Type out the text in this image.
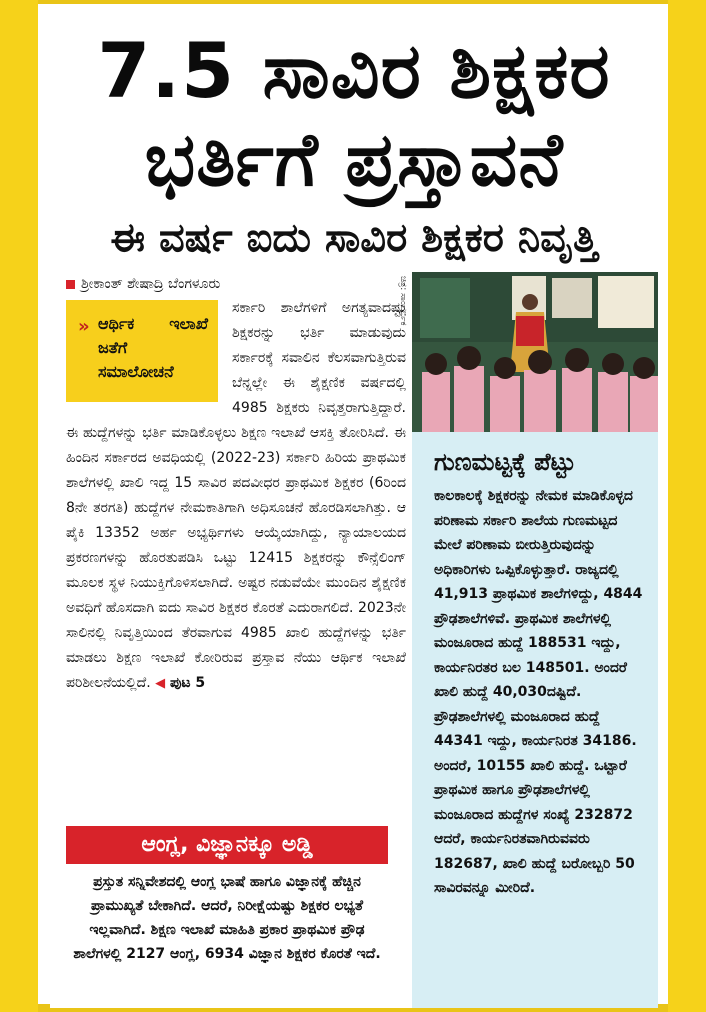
7.5 ಸಾವಿರ ಶಿಕ್ಷಕರ
ಭರ್ತಿಗೆ ಪ್ರಸ್ತಾವನೆ
ಈ ವರ್ಷ ಐದು ಸಾವಿರ ಶಿಕ್ಷಕರ ನಿವೃತ್ತಿ
ಶ್ರೀಕಾಂತ್ ಶೇಷಾದ್ರಿ ಬೆಂಗಳೂರು
» ಆರ್ಥಿಕ ಇಲಾಖೆ ಜತೆಗೆ ಸಮಾಲೋಚನೆ

ಸರ್ಕಾರಿ ಶಾಲೆಗಳಿಗೆ ಅಗತ್ಯವಾದಷ್ಟು ಶಿಕ್ಷಕರನ್ನು ಭರ್ತಿ ಮಾಡುವುದು ಸರ್ಕಾರಕ್ಕೆ ಸವಾಲಿನ ಕೆಲಸವಾಗುತ್ತಿರುವ ಬೆನ್ನಲ್ಲೇ ಈ ಶೈಕ್ಷಣಿಕ ವರ್ಷದಲ್ಲಿ 4985 ಶಿಕ್ಷಕರು ನಿವೃತ್ತರಾಗುತ್ತಿದ್ದಾರೆ. ಈ ಹುದ್ದೆಗಳನ್ನು ಭರ್ತಿ ಮಾಡಿಕೊಳ್ಳಲು ಶಿಕ್ಷಣ ಇಲಾಖೆ ಆಸಕ್ತಿ ತೋರಿಸಿದೆ. ಈ ಹಿಂದಿನ ಸರ್ಕಾರದ ಅವಧಿಯಲ್ಲಿ (2022-23) ಸರ್ಕಾರಿ ಹಿರಿಯ ಪ್ರಾಥಮಿಕ ಶಾಲೆಗಳಲ್ಲಿ ಖಾಲಿ ಇದ್ದ 15 ಸಾವಿರ ಪದವೀಧರ ಪ್ರಾಥಮಿಕ ಶಿಕ್ಷಕರ (6ರಿಂದ 8ನೇ ತರಗತಿ) ಹುದ್ದೆಗಳ ನೇಮಕಾತಿಗಾಗಿ ಅಧಿಸೂಚನೆ ಹೊರಡಿಸಲಾಗಿತ್ತು. ಆ ಪೈಕಿ 13352 ಅರ್ಹ ಅಭ್ಯರ್ಥಿಗಳು ಆಯ್ಕೆಯಾಗಿದ್ದು, ನ್ಯಾಯಾಲಯದ ಪ್ರಕರಣಗಳನ್ನು ಹೊರತುಪಡಿಸಿ ಒಟ್ಟು 12415 ಶಿಕ್ಷಕರನ್ನು ಕೌನ್ಸೆಲಿಂಗ್ ಮೂಲಕ ಸ್ಥಳ ನಿಯುಕ್ತಿಗೊಳಿಸಲಾಗಿದೆ. ಅಷ್ಟರ ನಡುವೆಯೇ ಮುಂದಿನ ಶೈಕ್ಷಣಿಕ ಅವಧಿಗೆ ಹೊಸದಾಗಿ ಐದು ಸಾವಿರ ಶಿಕ್ಷಕರ ಕೊರತೆ ಎದುರಾಗಲಿದೆ. 2023ನೇ ಸಾಲಿನಲ್ಲಿ ನಿವೃತ್ತಿಯಿಂದ ತೆರವಾಗುವ 4985 ಖಾಲಿ ಹುದ್ದೆಗಳನ್ನು ಭರ್ತಿ ಮಾಡಲು ಶಿಕ್ಷಣ ಇಲಾಖೆ ಕೋರಿರುವ ಪ್ರಸ್ತಾವ ನೆಯು ಆರ್ಥಿಕ ಇಲಾಖೆ ಪರಿಶೀಲನೆಯಲ್ಲಿದೆ. ◀ ಪುಟ 5

ಚಿತ್ರ: ಸಾಂದರ್ಭಿಕ
ಗುಣಮಟ್ಟಕ್ಕೆ ಪೆಟ್ಟು
ಕಾಲಕಾಲಕ್ಕೆ ಶಿಕ್ಷಕರನ್ನು ನೇಮಕ ಮಾಡಿಕೊಳ್ಳದ ಪರಿಣಾಮ ಸರ್ಕಾರಿ ಶಾಲೆಯ ಗುಣಮಟ್ಟದ ಮೇಲೆ ಪರಿಣಾಮ ಬೀರುತ್ತಿರುವುದನ್ನು ಅಧಿಕಾರಿಗಳು ಒಪ್ಪಿಕೊಳ್ಳುತ್ತಾರೆ. ರಾಜ್ಯದಲ್ಲಿ 41,913 ಪ್ರಾಥಮಿಕ ಶಾಲೆಗಳಿದ್ದು, 4844 ಪ್ರೌಢಶಾಲೆಗಳಿವೆ. ಪ್ರಾಥಮಿಕ ಶಾಲೆಗಳಲ್ಲಿ ಮಂಜೂರಾದ ಹುದ್ದೆ 188531 ಇದ್ದು, ಕಾರ್ಯನಿರತರ ಬಲ 148501. ಅಂದರೆ ಖಾಲಿ ಹುದ್ದೆ 40,030ದಷ್ಟಿದೆ. ಪ್ರೌಢಶಾಲೆಗಳಲ್ಲಿ ಮಂಜೂರಾದ ಹುದ್ದೆ 44341 ಇದ್ದು, ಕಾರ್ಯನಿರತ 34186. ಅಂದರೆ, 10155 ಖಾಲಿ ಹುದ್ದೆ. ಒಟ್ಟಾರೆ ಪ್ರಾಥಮಿಕ ಹಾಗೂ ಪ್ರೌಢಶಾಲೆಗಳಲ್ಲಿ ಮಂಜೂರಾದ ಹುದ್ದೆಗಳ ಸಂಖ್ಯೆ 232872 ಆದರೆ, ಕಾರ್ಯನಿರತವಾಗಿರುವವರು 182687, ಖಾಲಿ ಹುದ್ದೆ ಬರೋಬ್ಬರಿ 50 ಸಾವಿರವನ್ನೂ ಮೀರಿದೆ.
ಆಂಗ್ಲ, ವಿಜ್ಞಾನಕ್ಕೂ ಅಡ್ಡಿ
ಪ್ರಸ್ತುತ ಸನ್ನಿವೇಶದಲ್ಲಿ ಆಂಗ್ಲ ಭಾಷೆ ಹಾಗೂ ವಿಜ್ಞಾನಕ್ಕೆ ಹೆಚ್ಚಿನ ಪ್ರಾಮುಖ್ಯತೆ ಬೇಕಾಗಿದೆ. ಆದರೆ, ನಿರೀಕ್ಷೆಯಷ್ಟು ಶಿಕ್ಷಕರ ಲಭ್ಯತೆ ಇಲ್ಲವಾಗಿದೆ. ಶಿಕ್ಷಣ ಇಲಾಖೆ ಮಾಹಿತಿ ಪ್ರಕಾರ ಪ್ರಾಥಮಿಕ ಪ್ರೌಢ ಶಾಲೆಗಳಲ್ಲಿ 2127 ಆಂಗ್ಲ, 6934 ವಿಜ್ಞಾನ ಶಿಕ್ಷಕರ ಕೊರತೆ ಇದೆ.
